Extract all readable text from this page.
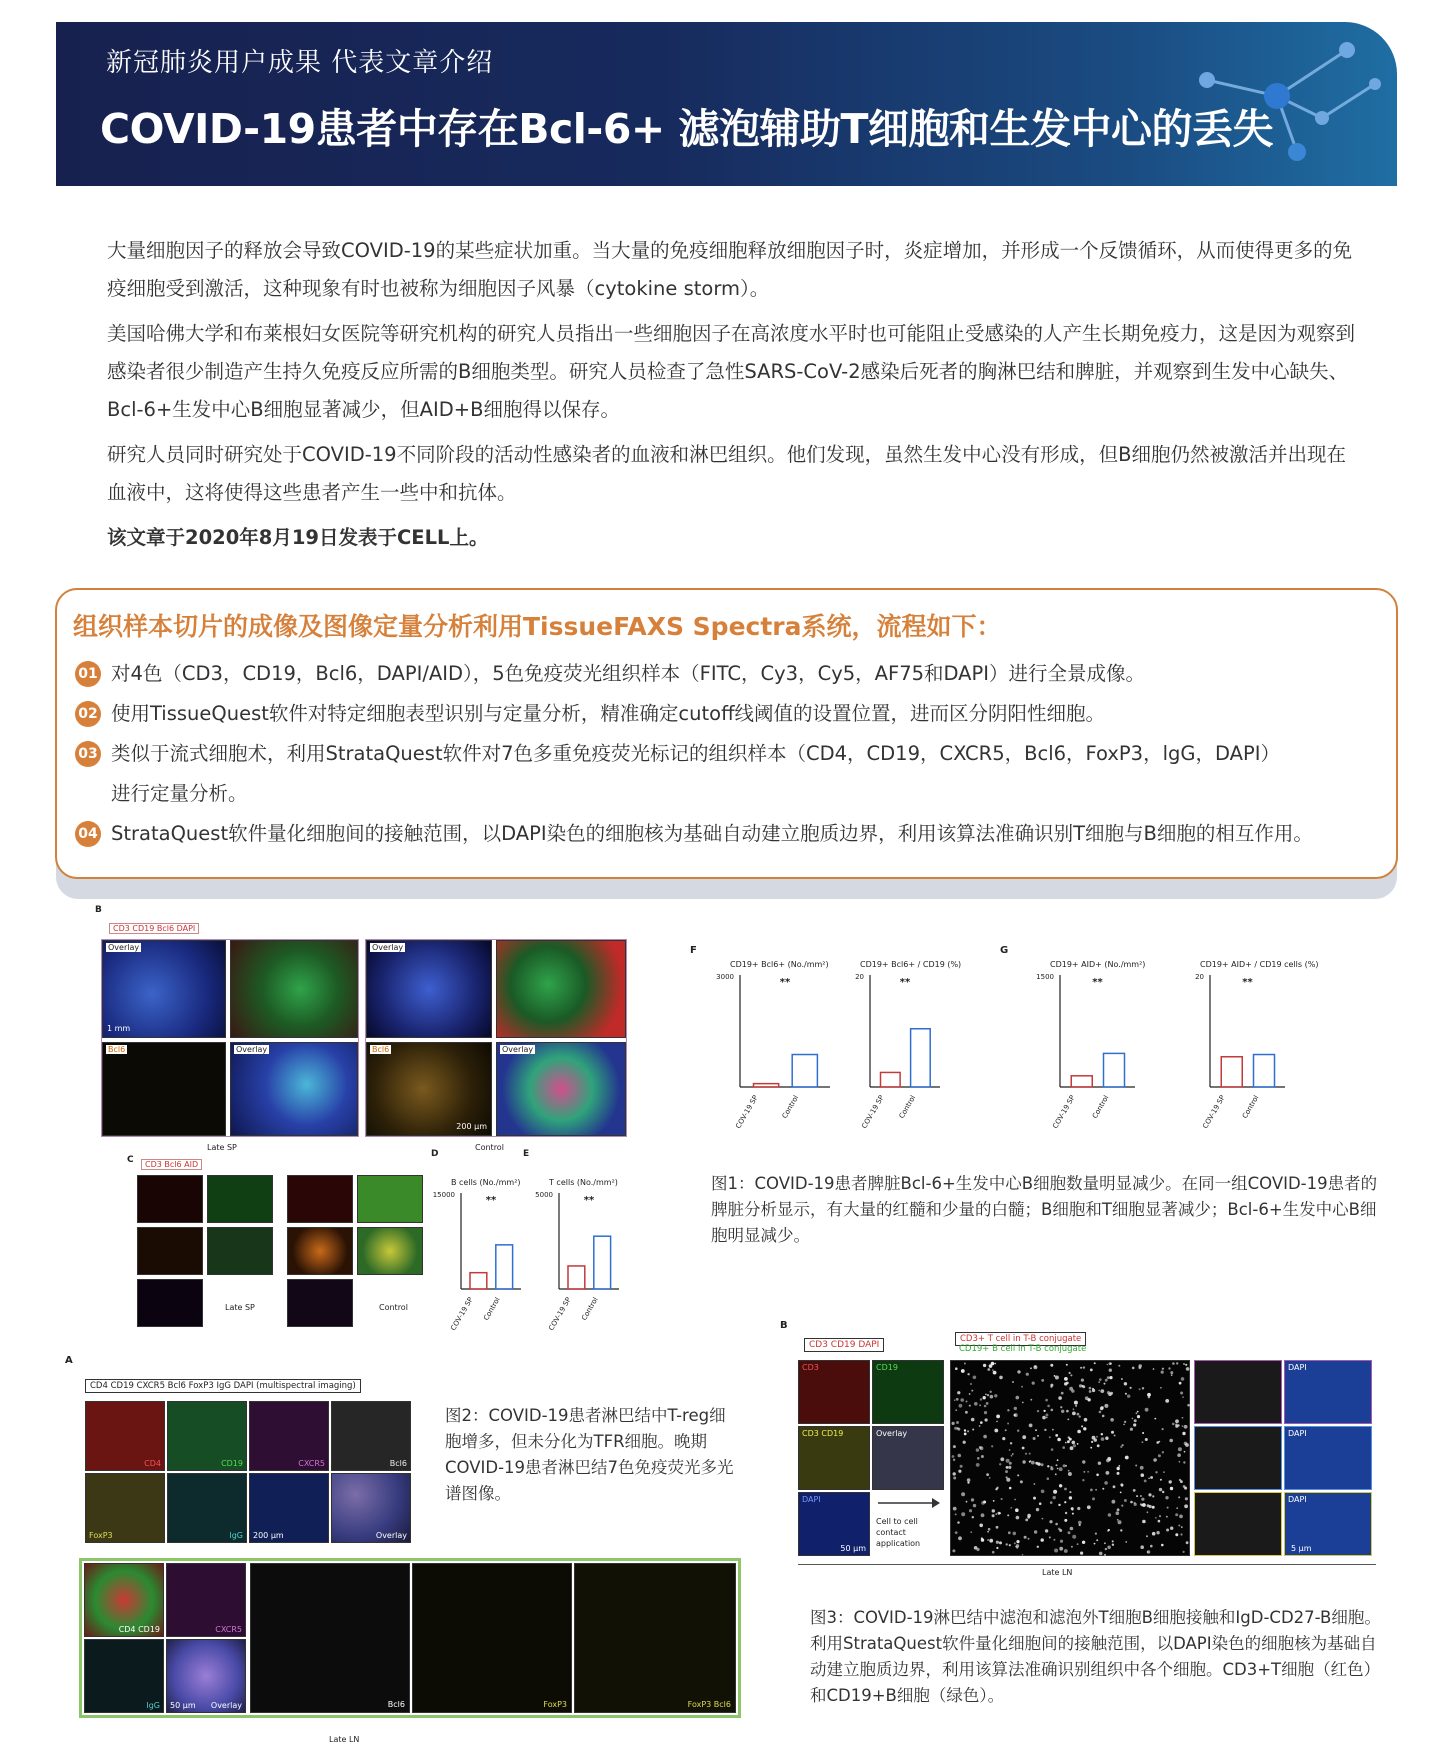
新冠肺炎用户成果 代表文章介绍
COVID-19患者中存在Bcl-6+ 滤泡辅助T细胞和生发中心的丢失

大量细胞因子的释放会导致COVID-19的某些症状加重。当大量的免疫细胞释放细胞因子时，炎症增加，并形成一个反馈循环，从而使得更多的免疫细胞受到激活，这种现象有时也被称为细胞因子风暴（cytokine storm）。

美国哈佛大学和布莱根妇女医院等研究机构的研究人员指出一些细胞因子在高浓度水平时也可能阻止受感染的人产生长期免疫力，这是因为观察到感染者很少制造产生持久免疫反应所需的B细胞类型。研究人员检查了急性SARS-CoV-2感染后死者的胸淋巴结和脾脏，并观察到生发中心缺失、Bcl-6+生发中心B细胞显著减少，但AID+B细胞得以保存。

研究人员同时研究处于COVID-19不同阶段的活动性感染者的血液和淋巴组织。他们发现，虽然生发中心没有形成，但B细胞仍然被激活并出现在血液中，这将使得这些患者产生一些中和抗体。

该文章于2020年8月19日发表于CELL上。

组织样本切片的成像及图像定量分析利用TissueFAXS Spectra系统，流程如下：
01 对4色（CD3，CD19，Bcl6，DAPI/AID），5色免疫荧光组织样本（FITC，Cy3，Cy5，AF75和DAPI）进行全景成像。
02 使用TissueQuest软件对特定细胞表型识别与定量分析，精准确定cutoff线阈值的设置位置，进而区分阴阳性细胞。
03 类似于流式细胞术，利用StrataQuest软件对7色多重免疫荧光标记的组织样本（CD4，CD19，CXCR5，Bcl6，FoxP3，lgG，DAPI）
进行定量分析。
04 StrataQuest软件量化细胞间的接触范围，以DAPI染色的细胞核为基础自动建立胞质边界，利用该算法准确识别T细胞与B细胞的相互作用。
B
CD3 CD19 Bcl6 DAPI
Overlay
1 mm
Bcl6	Overlay
Late SP
Overlay
Bcl6
200 μm
Overlay
Control
C	CD3 Bcl6 AID
Late SP	Control
D	E
B cells (No./mm²)
15000	**
COV-19 SP Control
T cells (No./mm²)
5000	**
COV-19 SP Control
F	G
CD19+ Bcl6+ (No./mm²)
3000	**
COV-19 SP	Control
CD19+ Bcl6+ / CD19 (%)
20	**
COV-19 SP Control
CD19+ AID+ (No./mm²)
1500	**
COV-19 SP Control
CD19+ AID+ / CD19 cells (%)
20	**
COV-19 SP Control
图1：COVID-19患者脾脏Bcl-6+生发中心B细胞数量明显减少。在同一组COVID-19患者的脾脏分析显示，有大量的红髓和少量的白髓；B细胞和T细胞显著减少；Bcl-6+生发中心B细胞明显减少。
A
CD4 CD19 CXCR5 Bcl6 FoxP3 IgG DAPI (multispectral imaging)
CD4	CD19	CXCR5	Bcl6
FoxP3	IgG 200 μm	Overlay
CD4 CD19	CXCR5
IgG 50 μm Overlay	Bcl6	FoxP3	FoxP3 Bcl6
Late LN
图2：COVID-19患者淋巴结中T-reg细胞增多，但未分化为TFR细胞。晚期COVID-19患者淋巴结7色免疫荧光多光谱图像。
B
CD3 CD19 DAPI
CD3+ T cell in T-B conjugate
CD19+ B cell in T-B conjugate
CD3	CD19
CD3 CD19	Overlay
DAPI
50 μm
Cell to cell contact application
DAPI
DAPI
DAPI
5 μm
Late LN
图3：COVID-19淋巴结中滤泡和滤泡外T细胞B细胞接触和IgD-CD27-B细胞。利用StrataQuest软件量化细胞间的接触范围，以DAPI染色的细胞核为基础自动建立胞质边界，利用该算法准确识别组织中各个细胞。CD3+T细胞（红色）和CD19+B细胞（绿色）。
